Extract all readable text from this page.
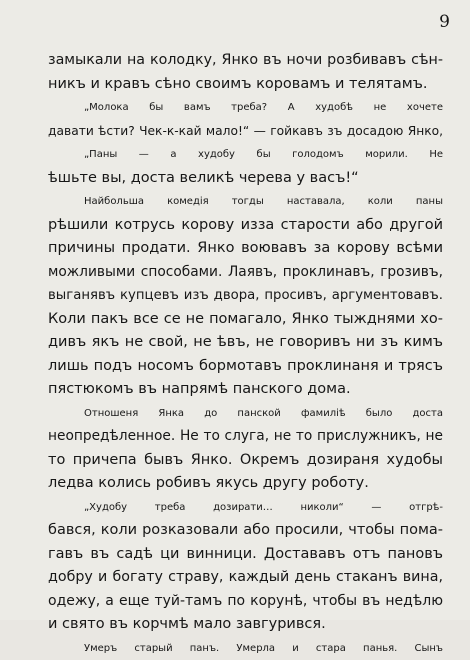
9
замыкали на колодку, Янко въ ночи розбивавъ сѣн-
никъ и кравъ сѣно своимъ коровамъ и телятамъ.
„Молока бы вамъ треба? А худобѣ не хочете
давати ѣсти? Чек-к-кай мало!“ — гойкавъ зъ досадою Янко,
„Паны — а худобу бы голодомъ морили. Не
ѣшьте вы, доста великѣ черева у васъ!“
Найбольша комедія тогды наставала, коли паны
рѣшили котрусь корову изза старости або другой
причины продати. Янко воювавъ за корову всѣми
можливыми способами. Лаявъ, проклинавъ, грозивъ,
выганявъ купцевъ изъ двора, просивъ, аргументовавъ.
Коли пакъ все се не помагало, Янко тыжднями хо-
дивъ якъ не свой, не ѣвъ, не говоривъ ни зъ кимъ
лишь подъ носомъ бормотавъ проклинаня и трясъ
пястюкомъ въ напрямѣ панского дома.
Отношеня Янка до панской фамиліѣ было доста
неопредѣленное. Не то слуга, не то прислужникъ, не
то причепа бывъ Янко. Окремъ дозираня худобы
ледва колись робивъ якусь другу роботу.
„Худобу треба дозирати… николи“ — отгрѣ-
бався, коли розказовали або просили, чтобы пома-
гавъ въ садѣ ци винници. Достававъ отъ пановъ
добру и богату страву, каждый день стаканъ вина,
одежу, а еще туй-тамъ по корунѣ, чтобы въ недѣлю
и свято въ корчмѣ мало завгурився.
Умеръ старый панъ. Умерла и стара панья. Сынъ
